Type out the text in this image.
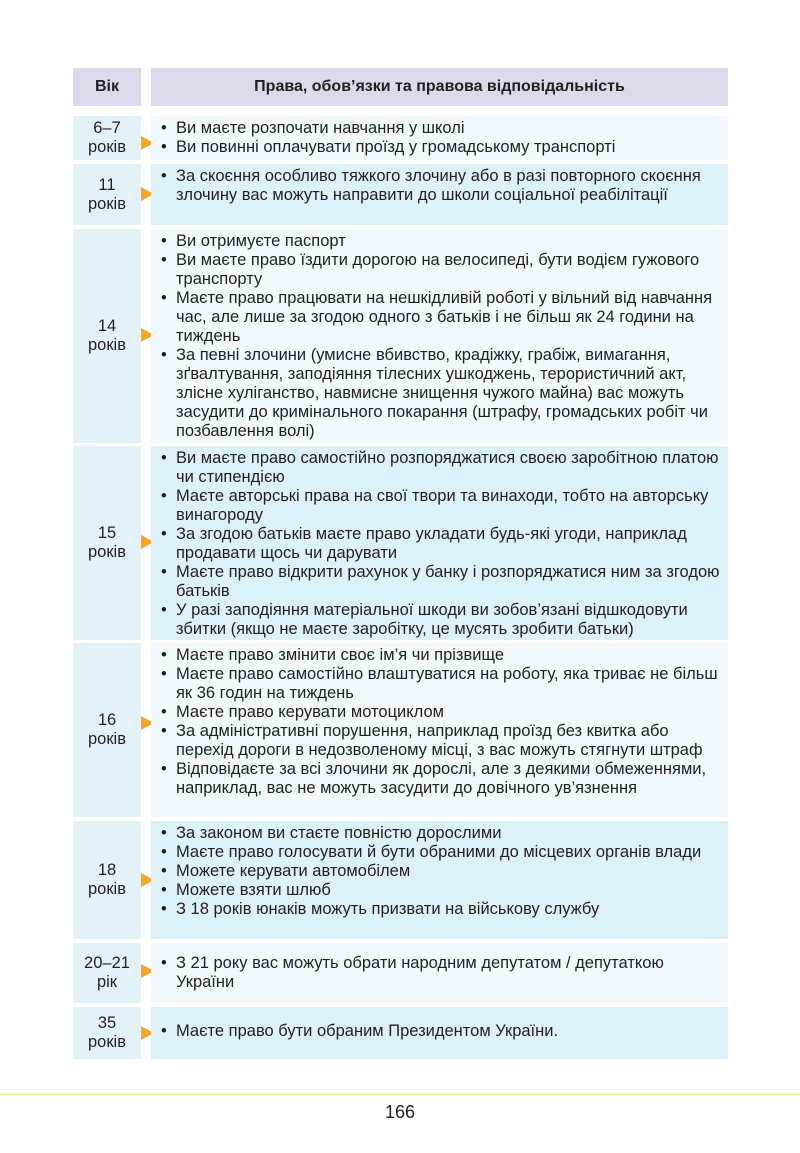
Вік	Права, обов’язки та правова відповідальність
6–7
років
• Ви маєте розпочати навчання у школі
• Ви повинні оплачувати проїзд у громадському транспорті
11
років
• За скоєння особливо тяжкого злочину або в разі повторного скоєння злочину вас можуть направити до школи соціальної реабілітації
14
років
• Ви отримуєте паспорт
• Ви маєте право їздити дорогою на велосипеді, бути водієм гужового транспорту
• Маєте право працювати на нешкідливій роботі у вільний від навчання час, але лише за згодою одного з батьків і не більш як 24 години на тиждень
• За певні злочини (умисне вбивство, крадіжку, грабіж, вимагання, зґвалтування, заподіяння тілесних ушкоджень, терористичний акт, злісне хуліганство, навмисне знищення чужого майна) вас можуть засудити до кримінального покарання (штрафу, громадських робіт чи позбавлення волі)
15
років
• Ви маєте право самостійно розпоряджатися своєю заробітною платою чи стипендією
• Маєте авторські права на свої твори та винаходи, тобто на авторську винагороду
• За згодою батьків маєте право укладати будь-які угоди, наприклад продавати щось чи дарувати
• Маєте право відкрити рахунок у банку і розпоряджатися ним за згодою батьків
• У разі заподіяння матеріальної шкоди ви зобов’язані відшкодовути збитки (якщо не маєте заробітку, це мусять зробити батьки)
16
років
• Маєте право змінити своє ім’я чи прізвище
• Маєте право самостійно влаштуватися на роботу, яка триває не більш як 36 годин на тиждень
• Маєте право керувати мотоциклом
• За адміністративні порушення, наприклад проїзд без квитка або перехід дороги в недозволеному місці, з вас можуть стягнути штраф
• Відповідаєте за всі злочини як дорослі, але з деякими обмеженнями, наприклад, вас не можуть засудити до довічного ув’язнення
18
років
• За законом ви стаєте повністю дорослими
• Маєте право голосувати й бути обраними до місцевих органів влади
• Можете керувати автомобілем
• Можете взяти шлюб
• З 18 років юнаків можуть призвати на військову службу
20–21
рік
• З 21 року вас можуть обрати народним депутатом / депутаткою України
35
років
• Маєте право бути обраним Президентом України.
166
